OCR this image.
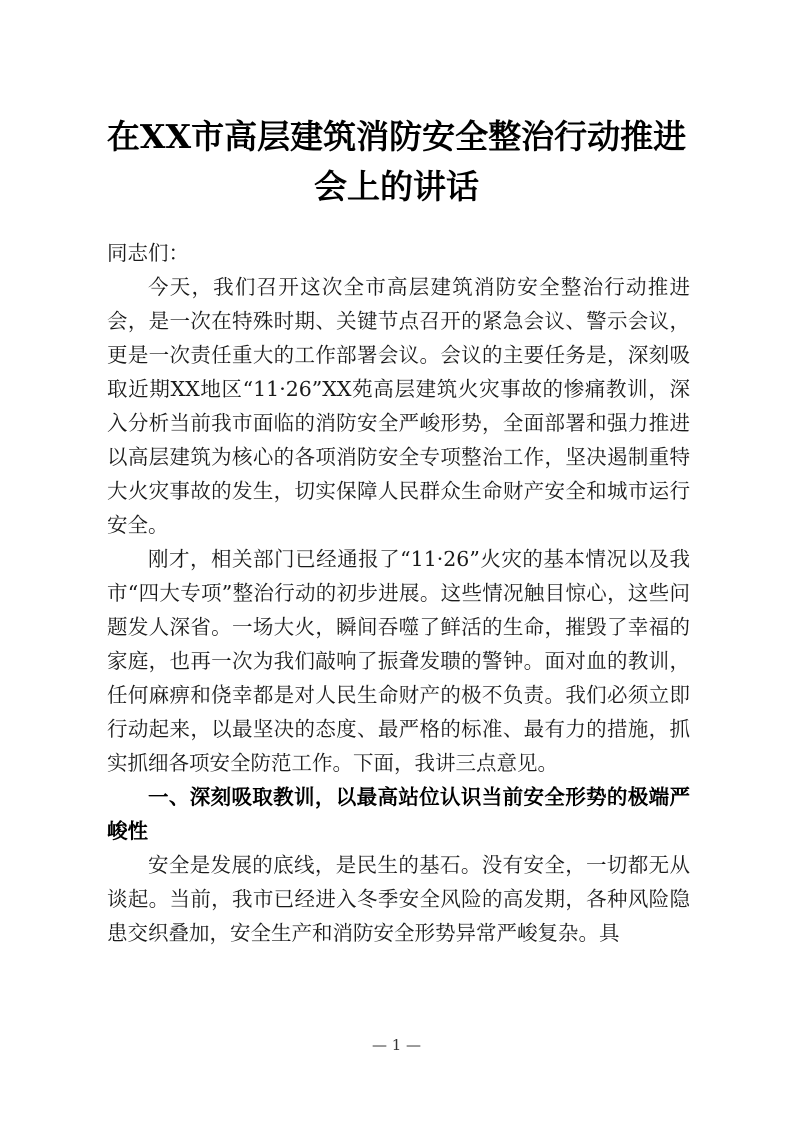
在XX市高层建筑消防安全整治行动推进
会上的讲话

同志们：

今天，我们召开这次全市高层建筑消防安全整治行动推进会，是一次在特殊时期、关键节点召开的紧急会议、警示会议，更是一次责任重大的工作部署会议。会议的主要任务是，深刻吸取近期XX地区“11·26”XX苑高层建筑火灾事故的惨痛教训，深入分析当前我市面临的消防安全严峻形势，全面部署和强力推进以高层建筑为核心的各项消防安全专项整治工作，坚决遏制重特大火灾事故的发生，切实保障人民群众生命财产安全和城市运行安全。

刚才，相关部门已经通报了“11·26”火灾的基本情况以及我市“四大专项”整治行动的初步进展。这些情况触目惊心，这些问题发人深省。一场大火，瞬间吞噬了鲜活的生命，摧毁了幸福的家庭，也再一次为我们敲响了振聋发聩的警钟。面对血的教训，任何麻痹和侥幸都是对人民生命财产的极不负责。我们必须立即行动起来，以最坚决的态度、最严格的标准、最有力的措施，抓实抓细各项安全防范工作。下面，我讲三点意见。

一、深刻吸取教训，以最高站位认识当前安全形势的极端严峻性

安全是发展的底线，是民生的基石。没有安全，一切都无从谈起。当前，我市已经进入冬季安全风险的高发期，各种风险隐患交织叠加，安全生产和消防安全形势异常严峻复杂。具

— 1 —
